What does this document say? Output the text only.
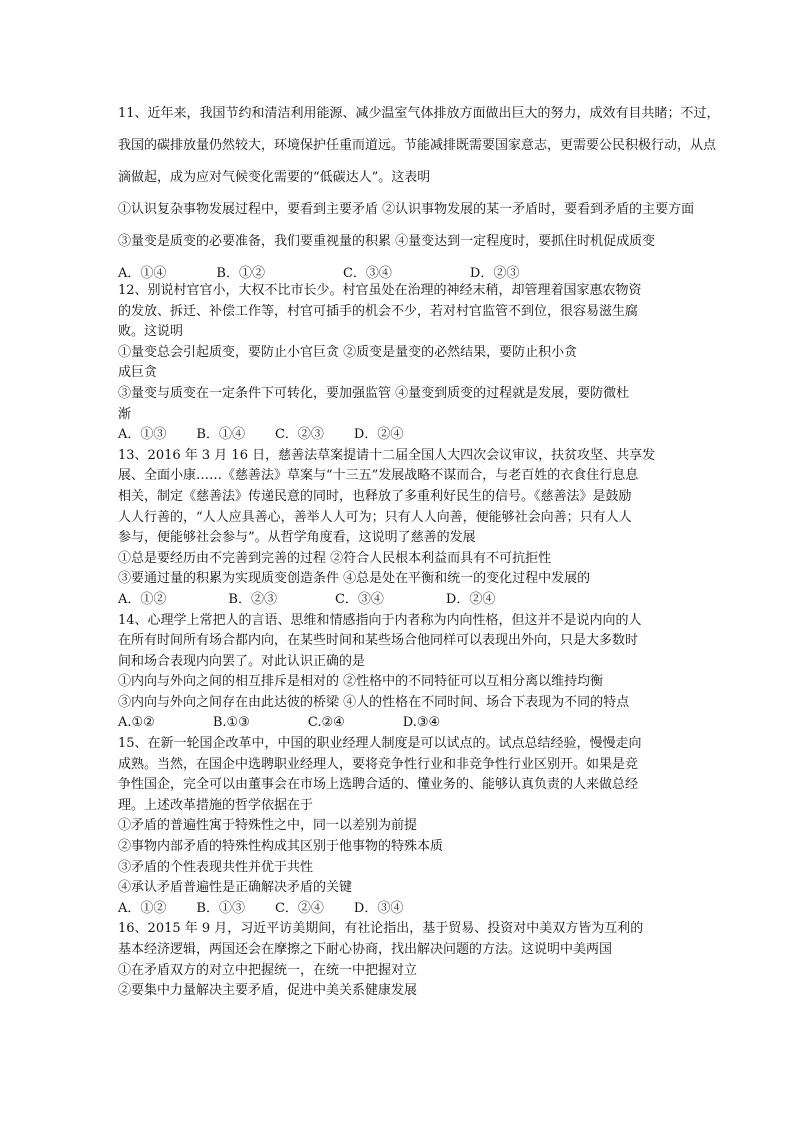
11、近年来，我国节约和清洁利用能源、减少温室气体排放方面做出巨大的努力，成效有目共睹；不过，
我国的碳排放量仍然较大，环境保护任重而道远。节能减排既需要国家意志，更需要公民积极行动，从点
滴做起，成为应对气候变化需要的“低碳达人”。这表明
①认识复杂事物发展过程中，要看到主要矛盾 ②认识事物发展的某一矛盾时，要看到矛盾的主要方面
③量变是质变的必要准备，我们要重视量的积累 ④量变达到一定程度时，要抓住时机促成质变
A．①④	B．①②	C．③④	D．②③
12、别说村官官小，大权不比市长少。村官虽处在治理的神经末稍，却管理着国家惠农物资
的发放、拆迁、补偿工作等，村官可插手的机会不少，若对村官监管不到位，很容易滋生腐
败。这说明
①量变总会引起质变，要防止小官巨贪 ②质变是量变的必然结果，要防止积小贪
成巨贪
③量变与质变在一定条件下可转化，要加强监管 ④量变到质变的过程就是发展，要防微杜
渐
A．①③ B．①④ C．②③ D．②④
13、2016 年 3 月 16 日，慈善法草案提请十二届全国人大四次会议审议，扶贫攻坚、共享发
展、全面小康……《慈善法》草案与“十三五”发展战略不谋而合，与老百姓的衣食住行息息
相关，制定《慈善法》传递民意的同时，也释放了多重利好民生的信号。《慈善法》是鼓励
人人行善的，“人人应具善心，善举人人可为；只有人人向善，便能够社会向善；只有人人
参与，便能够社会参与”。从哲学角度看，这说明了慈善的发展
①总是要经历由不完善到完善的过程 ②符合人民根本利益而具有不可抗拒性
③要通过量的积累为实现质变创造条件 ④总是处在平衡和统一的变化过程中发展的
A．①②	B．②③	C．③④	D．②④
14、心理学上常把人的言语、思维和情感指向于内者称为内向性格，但这并不是说内向的人
在所有时间所有场合都内向，在某些时间和某些场合他同样可以表现出外向，只是大多数时
间和场合表现内向罢了。对此认识正确的是
①内向与外向之间的相互排斥是相对的 ②性格中的不同特征可以互相分离以维持均衡
③内向与外向之间存在由此达彼的桥梁 ④人的性格在不同时间、场合下表现为不同的特点
A.①②	B.①③	C.②④	D.③④
15、在新一轮国企改革中，中国的职业经理人制度是可以试点的。试点总结经验，慢慢走向
成熟。当然，在国企中选聘职业经理人，要将竞争性行业和非竞争性行业区别开。如果是竞
争性国企，完全可以由董事会在市场上选聘合适的、懂业务的、能够认真负责的人来做总经
理。上述改革措施的哲学依据在于
①矛盾的普遍性寓于特殊性之中，同一以差别为前提
②事物内部矛盾的特殊性构成其区别于他事物的特殊本质
③矛盾的个性表现共性并优于共性
④承认矛盾普遍性是正确解决矛盾的关键
A．①② B．①③ C．②④ D．③④
16、2015 年 9 月，习近平访美期间，有社论指出，基于贸易、投资对中美双方皆为互利的
基本经济逻辑，两国还会在摩擦之下耐心协商，找出解决问题的方法。这说明中美两国
①在矛盾双方的对立中把握统一，在统一中把握对立
②要集中力量解决主要矛盾，促进中美关系健康发展
